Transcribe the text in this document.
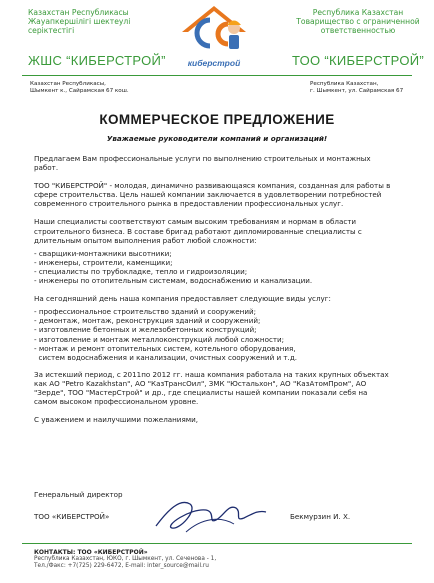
Казахстан Республикасы
Жауапкершілігі шектеулі
серіктестігі
ЖШС “КИБЕРСТРОЙ”
Республика Казахстан
Товарищество с ограниченной
ответственностью
ТОО “КИБЕРСТРОЙ”
киберстрой
Казахстан Республикасы,
Шымкент к., Сайрамская 67 кош.
Республика Казахстан,
г. Шымкент, ул. Сайрамская 67
КОММЕРЧЕСКОЕ ПРЕДЛОЖЕНИЕ
Уважаемые руководители компаний и организаций!
Предлагаем Вам профессиональные услуги по выполнению строительных и монтажных
работ.
ТОО "КИБЕРСТРОЙ" - молодая, динамично развивающаяся компания, созданная для работы в
сфере строительства. Цель нашей компании заключается в удовлетворении потребностей
современного строительного рынка в предоставлении профессиональных услуг.
Наши специалисты соответствуют самым высоким требованиям и нормам в области
строительного бизнеса. В составе бригад работают дипломированные специалисты с
длительным опытом выполнения работ любой сложности:
- сварщики-монтажники высотники;
- инженеры, строители, каменщики;
- специалисты по трубокладке, тепло и гидроизоляции;
- инженеры по отопительным системам, водоснабжению и канализации.
На сегодняшний день наша компания предоставляет следующие виды услуг:
- профессиональное строительство зданий и сооружений;
- демонтаж, монтаж, реконструкция зданий и сооружений;
- изготовление бетонных и железобетонных конструкций;
- изготовление и монтаж металлоконструкций любой сложности;
- монтаж и ремонт отопительных систем, котельного оборудования,
систем водоснабжения и канализации, очистных сооружений и т.д.
За истекший период, с 2011по 2012 гг. наша компания работала на таких крупных объектах
как АО "Petro Kazakhstan", АО "КазТрансОил", ЗМК "Юстальхон", АО "КазАтомПром", АО
"Зерде", ТОО "МастерСтрой" и др., где специалисты нашей компании показали себя на
самом высоком профессиональном уровне.
С уважением и наилучшими пожеланиями,
Генеральный директор
ТОО «КИБЕРСТРОЙ»	Бекмурзин И. Х.
КОНТАКТЫ: ТОО «КИБЕРСТРОЙ»
Республика Казахстан, ЮКО, г. Шымкент, ул. Сеченова - 1,
Тел./Факс: +7(725) 229-6472, E-mail: inter_source@mail.ru
